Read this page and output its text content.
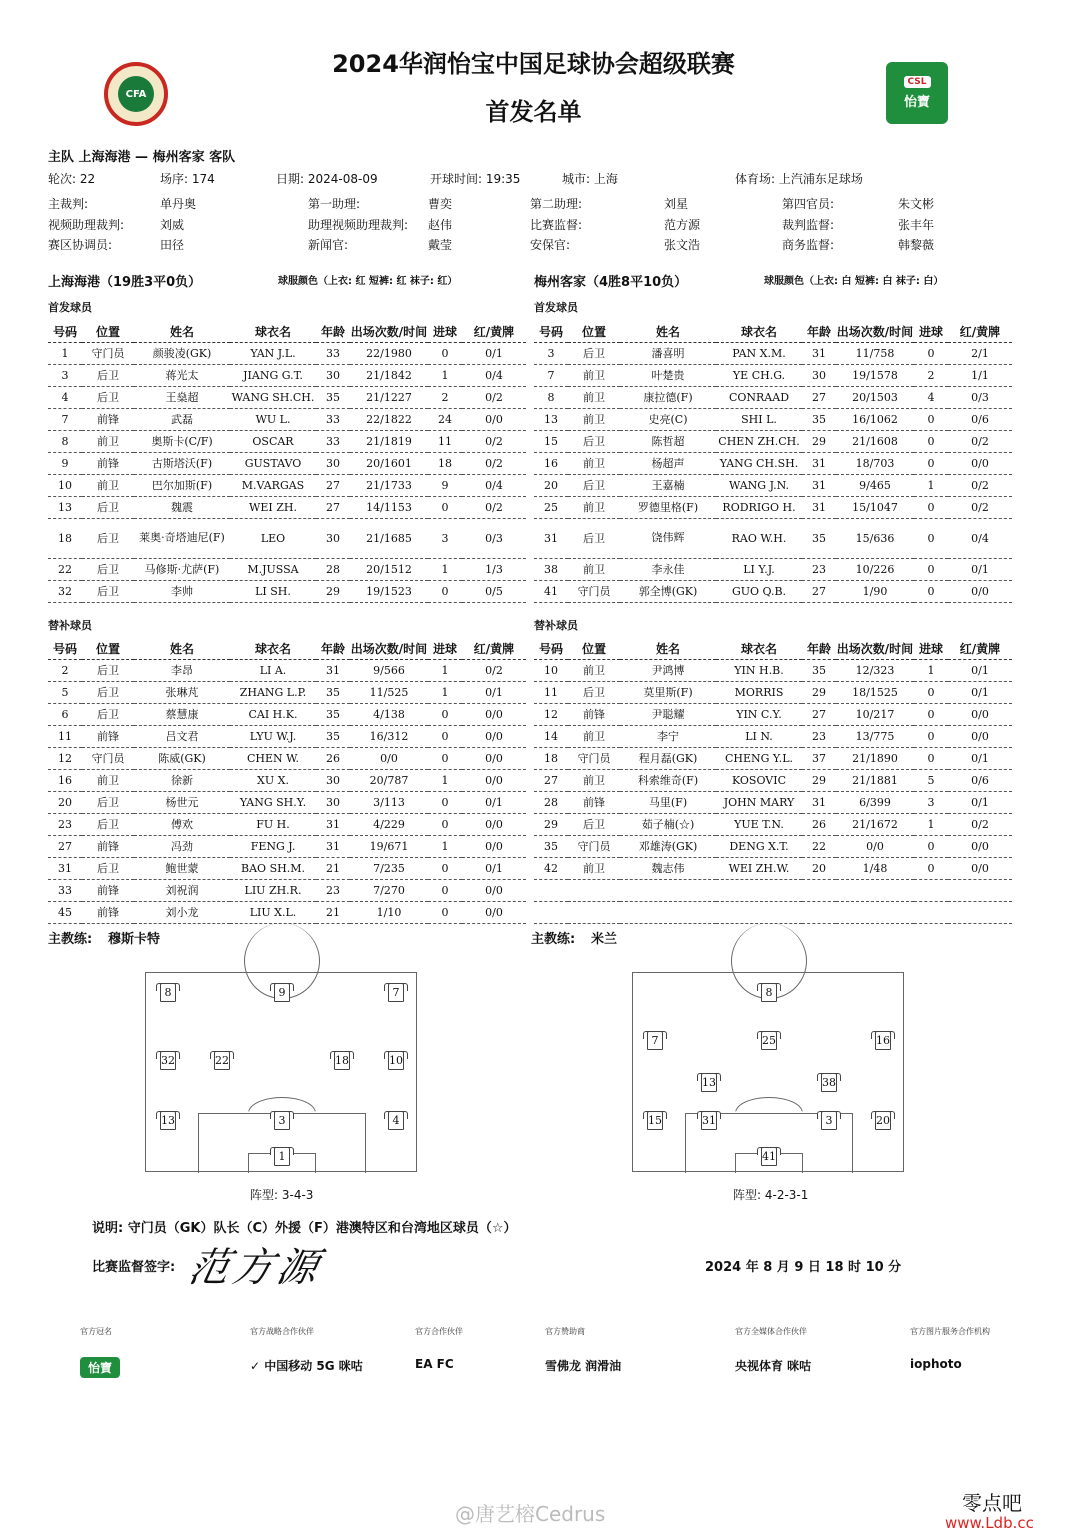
CFA
2024华润怡宝中国足球协会超级联赛
首发名单
CSL
怡寶
主队 上海海港 — 梅州客家 客队
轮次: 22	场序: 174	日期: 2024-08-09	开球时间: 19:35	城市: 上海	体育场: 上汽浦东足球场
主裁判:	单丹奥	第一助理:	曹奕	第二助理:	刘星	第四官员:	朱文彬
视频助理裁判:	刘威	助理视频助理裁判: 赵伟	比赛监督:	范方源	裁判监督:	张丰年
赛区协调员:	田径	新闻官:	戴莹	安保官:	张文浩	商务监督:	韩黎薇
上海海港（19胜3平0负）	球服颜色（上衣: 红 短裤: 红 袜子: 红）	梅州客家（4胜8平10负）	球服颜色（上衣: 白 短裤: 白 袜子: 白）
首发球员	首发球员
替补球员	替补球员
号码	位置	姓名	球衣名	年龄	出场次数/时间	进球	红/黄牌
1	守门员	颜骏凌(GK)	YAN J.L.	33	22/1980	0	0/1
3	后卫	蒋光太	JIANG G.T.	30	21/1842	1	0/4
4	后卫	王燊超	WANG SH.CH.	35	21/1227	2	0/2
7	前锋	武磊	WU L.	33	22/1822	24	0/0
8	前卫	奥斯卡(C/F)	OSCAR	33	21/1819	11	0/2
9	前锋	古斯塔沃(F)	GUSTAVO	30	20/1601	18	0/2
10	前卫	巴尔加斯(F)	M.VARGAS	27	21/1733	9	0/4
13	后卫	魏震	WEI ZH.	27	14/1153	0	0/2
18	后卫	莱奥·奇塔迪尼(F)	LEO	30	21/1685	3	0/3
22	后卫	马修斯·尤萨(F)	M.JUSSA	28	20/1512	1	1/3
32	后卫	李帅	LI SH.	29	19/1523	0	0/5
号码	位置	姓名	球衣名	年龄	出场次数/时间	进球	红/黄牌
3	后卫	潘喜明	PAN X.M.	31	11/758	0	2/1
7	前卫	叶楚贵	YE CH.G.	30	19/1578	2	1/1
8	前卫	康拉德(F)	CONRAAD	27	20/1503	4	0/3
13	前卫	史亮(C)	SHI L.	35	16/1062	0	0/6
15	后卫	陈哲超	CHEN ZH.CH.	29	21/1608	0	0/2
16	前卫	杨超声	YANG CH.SH.	31	18/703	0	0/0
20	后卫	王嘉楠	WANG J.N.	31	9/465	1	0/2
25	前卫	罗德里格(F)	RODRIGO H.	31	15/1047	0	0/2
31	后卫	饶伟辉	RAO W.H.	35	15/636	0	0/4
38	前卫	李永佳	LI Y.J.	23	10/226	0	0/1
41	守门员	郭全博(GK)	GUO Q.B.	27	1/90	0	0/0
号码	位置	姓名	球衣名	年龄	出场次数/时间	进球	红/黄牌
2	后卫	李昂	LI A.	31	9/566	1	0/2
5	后卫	张琳芃	ZHANG L.P.	35	11/525	1	0/1
6	后卫	蔡慧康	CAI H.K.	35	4/138	0	0/0
11	前锋	吕文君	LYU W.J.	35	16/312	0	0/0
12	守门员	陈威(GK)	CHEN W.	26	0/0	0	0/0
16	前卫	徐新	XU X.	30	20/787	1	0/0
20	后卫	杨世元	YANG SH.Y.	30	3/113	0	0/1
23	后卫	傅欢	FU H.	31	4/229	0	0/0
27	前锋	冯劲	FENG J.	31	19/671	1	0/0
31	后卫	鲍世蒙	BAO SH.M.	21	7/235	0	0/1
33	前锋	刘祝润	LIU ZH.R.	23	7/270	0	0/0
45	前锋	刘小龙	LIU X.L.	21	1/10	0	0/0
号码	位置	姓名	球衣名	年龄	出场次数/时间	进球	红/黄牌
10	前卫	尹鸿博	YIN H.B.	35	12/323	1	0/1
11	后卫	莫里斯(F)	MORRIS	29	18/1525	0	0/1
12	前锋	尹聪耀	YIN C.Y.	27	10/217	0	0/0
14	前卫	李宁	LI N.	23	13/775	0	0/0
18	守门员	程月磊(GK)	CHENG Y.L.	37	21/1890	0	0/1
27	前卫	科索维奇(F)	KOSOVIC	29	21/1881	5	0/6
28	前锋	马里(F)	JOHN MARY	31	6/399	3	0/1
29	后卫	茹子楠(☆)	YUE T.N.	26	21/1672	1	0/2
35	守门员	邓雄涛(GK)	DENG X.T.	22	0/0	0	0/0
42	前卫	魏志伟	WEI ZH.W.	20	1/48	0	0/0

主教练: 穆斯卡特	主教练: 米兰
8	9	7
32	22	18	10
13	3	4
1
阵型: 3-4-3
8
7	25	16
13	38
15	31	3	20
41
阵型: 4-2-3-1
说明: 守门员（GK）队长（C）外援（F）港澳特区和台湾地区球员（☆）
比赛监督签字: 范方源	2024 年 8 月 9 日 18 时 10 分
官方冠名
怡寶
官方战略合作伙伴
✓ 中国移动 5G 咪咕
官方合作伙伴
EA FC
官方赞助商
雪佛龙 润滑油
官方全媒体合作伙伴
央视体育 咪咕
官方图片服务合作机构
iophoto
@唐艺榕Cedrus	零点吧
www.Ldb.cc
